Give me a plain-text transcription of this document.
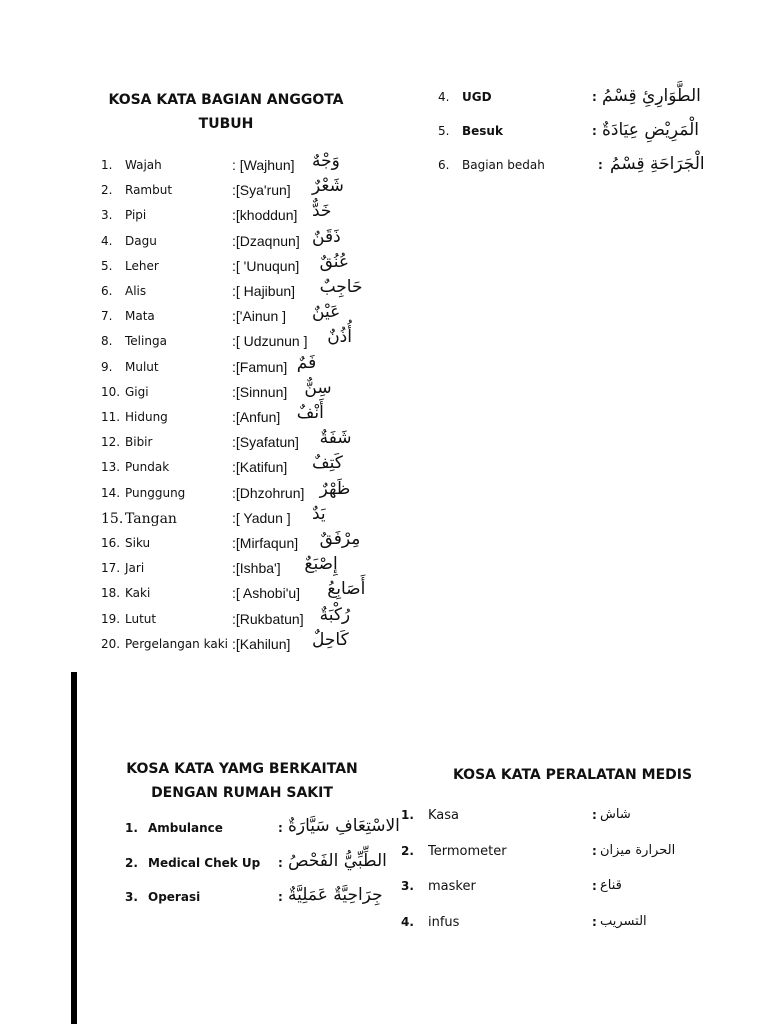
KOSA KATA BAGIAN ANGGOTA
TUBUH
1. Wajah	: [Wajhun] وَجْهٌ
2. Rambut	:[Sya'run] شَعْرٌ
3. Pipi	:[khoddun] خَدٌّ
4. Dagu	:[Dzaqnun] ذَقَنٌ
5. Leher	:[ 'Unuqun] عُنُقٌ
6. Alis	:[ Hajibun] حَاجِبٌ
7. Mata	:['Ainun ] عَيْنٌ
8. Telinga	:[ Udzunun ] أُذُنٌ
9. Mulut	:[Famun] فَمٌ
10. Gigi	:[Sinnun] سِنٌّ
11. Hidung	:[Anfun] أَنْفٌ
12. Bibir	:[Syafatun] شَفَةٌ
13. Pundak	:[Katifun] كَتِفٌ
14. Punggung	:[Dhzohrun] ظَهْرٌ
15. Tangan	:[ Yadun ] يَدٌ
16. Siku	:[Mirfaqun] مِرْفَقٌ
17. Jari	:[Ishba'] إِصْبَعٌ
18. Kaki	:[ Ashobi'u] أَصَابِعُ
19. Lutut	:[Rukbatun] رُكْبَةٌ
20. Pergelangan kaki :[Kahilun] كَاحِلٌ
4. UGD	: الطَّوَارِئِ قِسْمُ
5. Besuk	: الْمَرِيْضِ عِيَادَةٌ
6. Bagian bedah	: الْجَرَاحَةِ قِسْمُ
KOSA KATA YAMG BERKAITAN
DENGAN RUMAH SAKIT
1. Ambulance	: الاسْتِعَافِ سَيَّارَةٌ
2. Medical Chek Up : الطِّبِّيُّ الفَحْصُ
3. Operasi	: جِرَاحِيَّةٌ عَمَلِيَّةٌ
KOSA KATA PERALATAN MEDIS
1. Kasa	: شاش
2. Termometer	: الحرارة ميزان
3. masker	: قناع
4. infus	: التسريب
